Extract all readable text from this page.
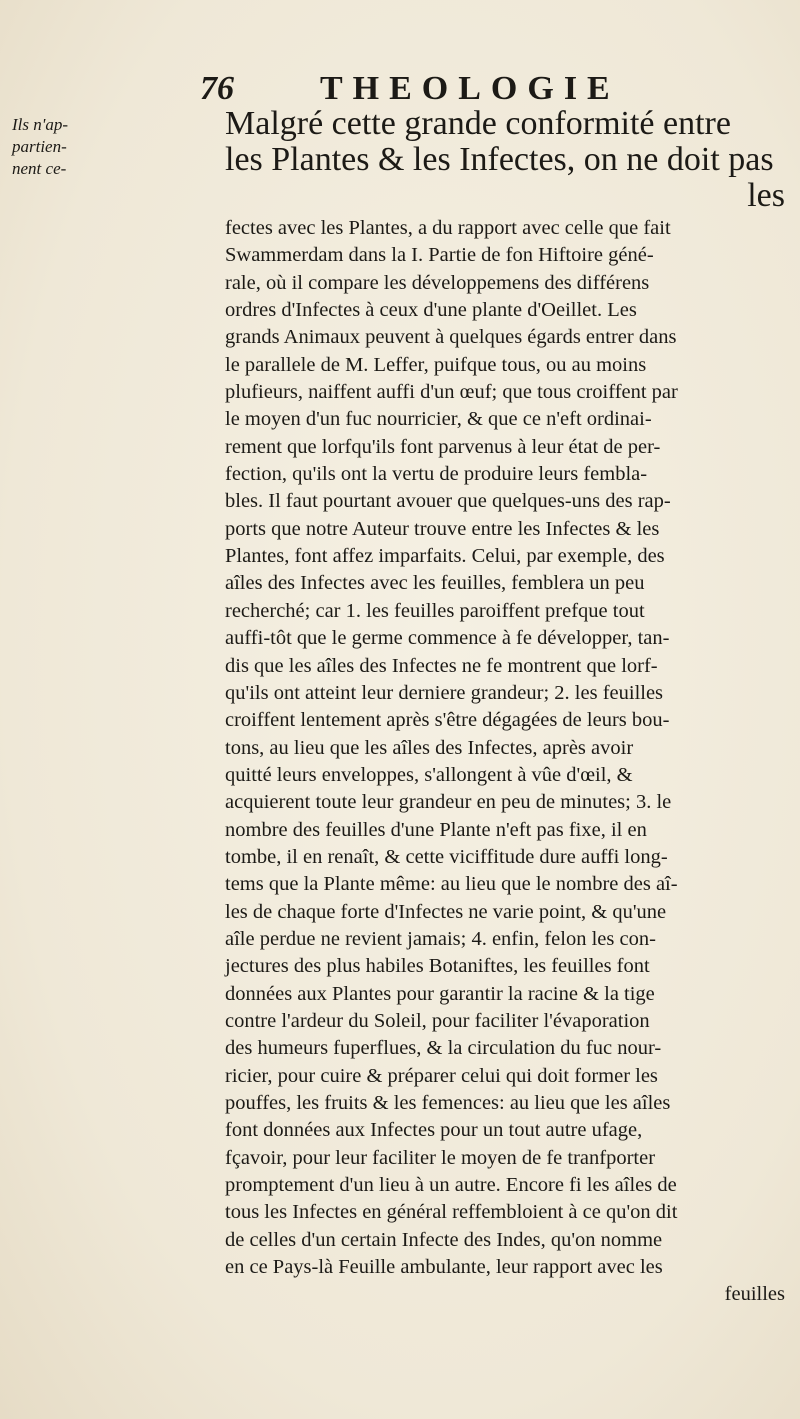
76	THEOLOGIE
Ils n'ap-
partien-
nent ce-
Malgré cette grande conformité entre
les Plantes & les Infectes, on ne doit pas
les
fectes avec les Plantes, a du rapport avec celle que fait
Swammerdam dans la I. Partie de fon Hiftoire géné-
rale, où il compare les développemens des différens
ordres d'Infectes à ceux d'une plante d'Oeillet. Les
grands Animaux peuvent à quelques égards entrer dans
le parallele de M. Leffer, puifque tous, ou au moins
plufieurs, naiffent auffi d'un œuf; que tous croiffent par
le moyen d'un fuc nourricier, & que ce n'eft ordinai-
rement que lorfqu'ils font parvenus à leur état de per-
fection, qu'ils ont la vertu de produire leurs fembla-
bles. Il faut pourtant avouer que quelques-uns des rap-
ports que notre Auteur trouve entre les Infectes & les
Plantes, font affez imparfaits. Celui, par exemple, des
aîles des Infectes avec les feuilles, femblera un peu
recherché; car 1. les feuilles paroiffent prefque tout
auffi-tôt que le germe commence à fe développer, tan-
dis que les aîles des Infectes ne fe montrent que lorf-
qu'ils ont atteint leur derniere grandeur; 2. les feuilles
croiffent lentement après s'être dégagées de leurs bou-
tons, au lieu que les aîles des Infectes, après avoir
quitté leurs enveloppes, s'allongent à vûe d'œil, &
acquierent toute leur grandeur en peu de minutes; 3. le
nombre des feuilles d'une Plante n'eft pas fixe, il en
tombe, il en renaît, & cette viciffitude dure auffi long-
tems que la Plante même: au lieu que le nombre des aî-
les de chaque forte d'Infectes ne varie point, & qu'une
aîle perdue ne revient jamais; 4. enfin, felon les con-
jectures des plus habiles Botaniftes, les feuilles font
données aux Plantes pour garantir la racine & la tige
contre l'ardeur du Soleil, pour faciliter l'évaporation
des humeurs fuperflues, & la circulation du fuc nour-
ricier, pour cuire & préparer celui qui doit former les
pouffes, les fruits & les femences: au lieu que les aîles
font données aux Infectes pour un tout autre ufage,
fçavoir, pour leur faciliter le moyen de fe tranfporter
promptement d'un lieu à un autre. Encore fi les aîles de
tous les Infectes en général reffembloient à ce qu'on dit
de celles d'un certain Infecte des Indes, qu'on nomme
en ce Pays-là Feuille ambulante, leur rapport avec les
feuilles
